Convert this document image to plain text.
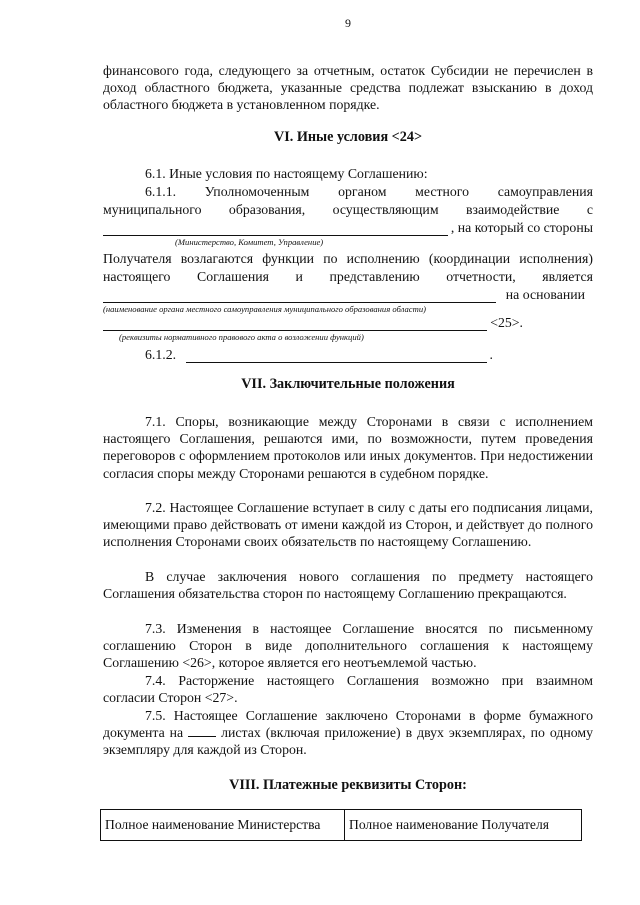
9

финансового года, следующего за отчетным, остаток Субсидии не перечислен в доход областного бюджета, указанные средства подлежат взысканию в доход областного бюджета в установленном порядке.

VI. Иные условия <24>
6.1. Иные условия по настоящему Соглашению:
6.1.1. Уполномоченным органом местного самоуправления
муниципального образования, осуществляющим взаимодействие с
, на который со стороны
(Министерство, Комитет, Управление)
Получателя возлагаются функции по исполнению (координации исполнения)
настоящего Соглашения и представлению отчетности, является
на основании
(наименование органа местного самоуправления муниципального образования области)
<25>.
(реквизиты нормативного правового акта о возложении функций)
6.1.2.	.
VII. Заключительные положения

7.1. Споры, возникающие между Сторонами в связи с исполнением настоящего Соглашения, решаются ими, по возможности, путем проведения переговоров с оформлением протоколов или иных документов. При недостижении согласия споры между Сторонами решаются в судебном порядке.

7.2. Настоящее Соглашение вступает в силу с даты его подписания лицами, имеющими право действовать от имени каждой из Сторон, и действует до полного исполнения Сторонами своих обязательств по настоящему Соглашению.

В случае заключения нового соглашения по предмету настоящего Соглашения обязательства сторон по настоящему Соглашению прекращаются.

7.3. Изменения в настоящее Соглашение вносятся по письменному соглашению Сторон в виде дополнительного соглашения к настоящему Соглашению <26>, которое является его неотъемлемой частью.

7.4. Расторжение настоящего Соглашения возможно при взаимном согласии Сторон <27>.

7.5. Настоящее Соглашение заключено Сторонами в форме бумажного документа на	листах (включая приложение) в двух экземплярах, по одному экземпляру для каждой из Сторон.

VIII. Платежные реквизиты Сторон:
Полное наименование Министерства	Полное наименование Получателя
